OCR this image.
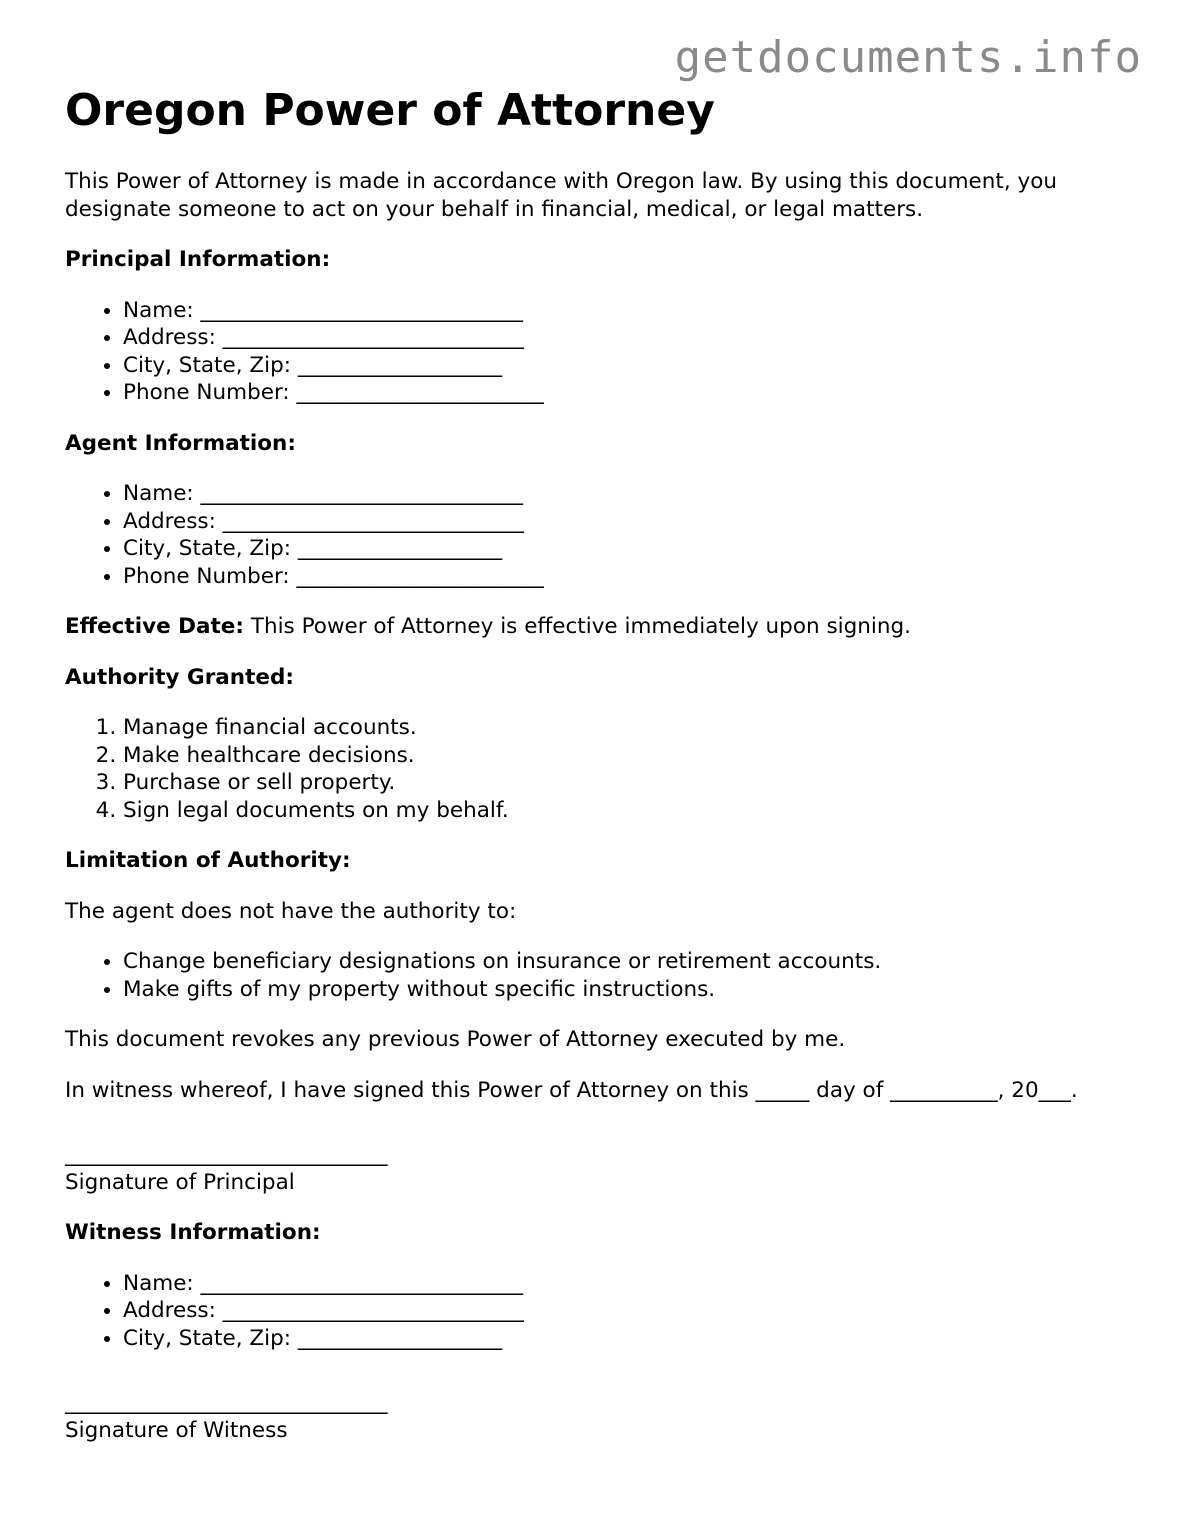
getdocuments.info
Oregon Power of Attorney

This Power of Attorney is made in accordance with Oregon law. By using this document, you designate someone to act on your behalf in financial, medical, or legal matters.

Principal Information:
• Name: ______________________________
• Address: ____________________________
• City, State, Zip: ___________________
• Phone Number: _______________________
Agent Information:
• Name: ______________________________
• Address: ____________________________
• City, State, Zip: ___________________
• Phone Number: _______________________

Effective Date: This Power of Attorney is effective immediately upon signing.

Authority Granted:
1. Manage financial accounts.
2. Make healthcare decisions.
3. Purchase or sell property.
4. Sign legal documents on my behalf.
Limitation of Authority:

The agent does not have the authority to:

• Change beneficiary designations on insurance or retirement accounts.
• Make gifts of my property without specific instructions.

This document revokes any previous Power of Attorney executed by me.

In witness whereof, I have signed this Power of Attorney on this _____ day of __________, 20___.

______________________________
Signature of Principal
Witness Information:
• Name: ______________________________
• Address: ____________________________
• City, State, Zip: ___________________
______________________________
Signature of Witness
